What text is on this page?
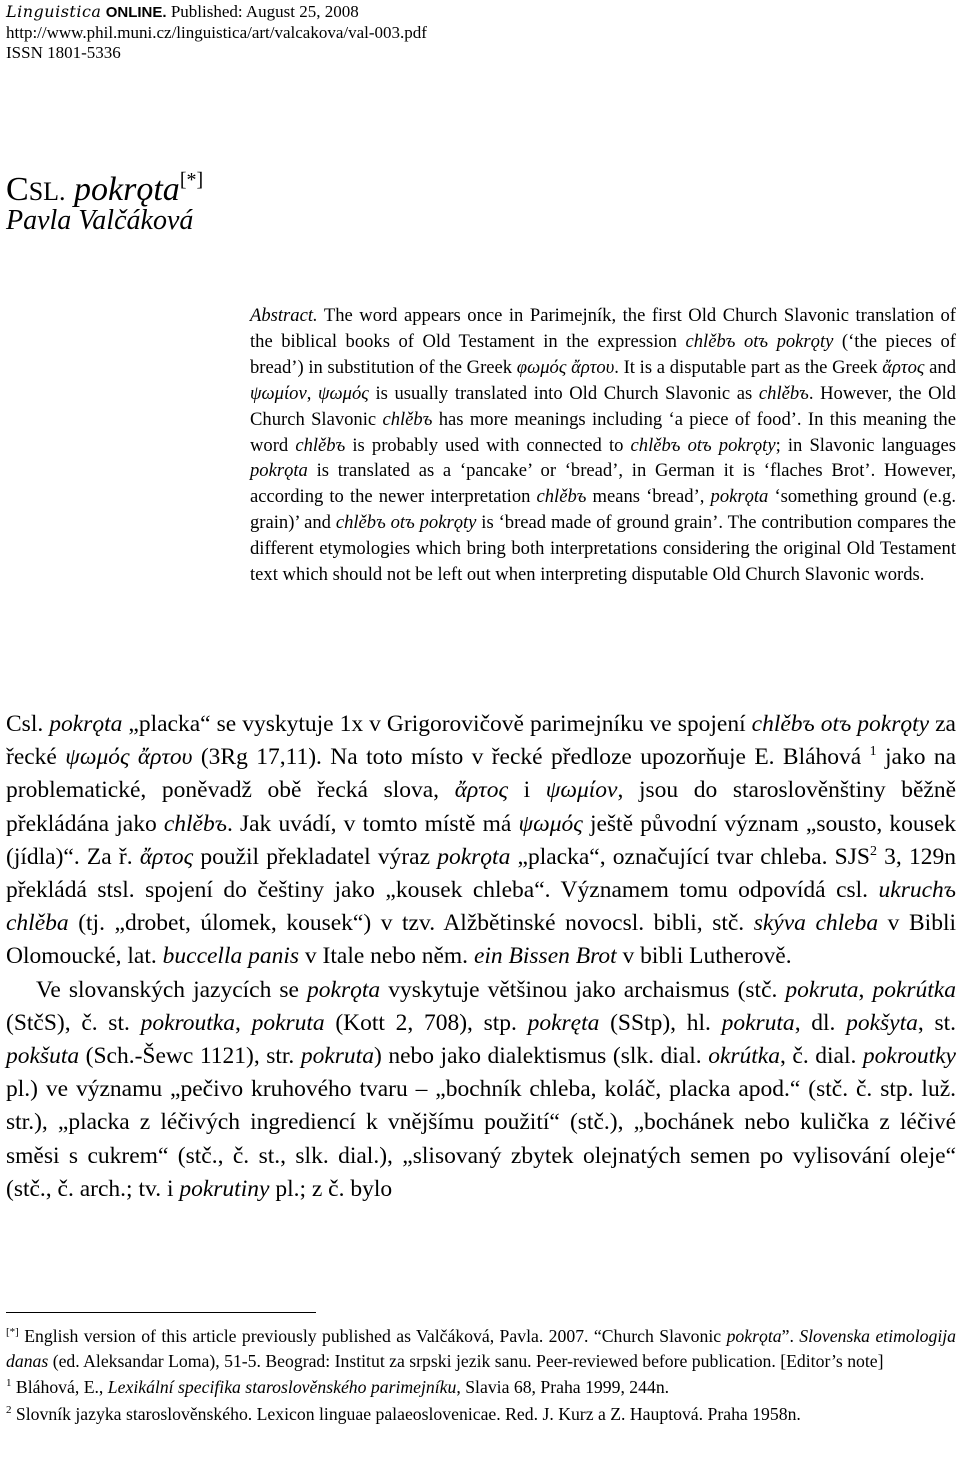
Linguistica ONLINE. Published: August 25, 2008
http://www.phil.muni.cz/linguistica/art/valcakova/val-003.pdf
ISSN 1801-5336
CSL. pokrǫta[*]
Pavla Valčáková
Abstract. The word appears once in Parimejník, the first Old Church Slavonic translation of the biblical books of Old Testament in the expression chlěbъ otъ pokrǫty (‘the pieces of bread’) in substitution of the Greek φωμός ἄρτου. It is a disputable part as the Greek ἄρτος and ψωμίον, ψωμός is usually translated into Old Church Slavonic as chlěbъ. However, the Old Church Slavonic chlěbъ has more meanings including ‘a piece of food’. In this meaning the word chlěbъ is probably used with connected to chlěbъ otъ pokrǫty; in Slavonic languages pokrǫta is translated as a ‘pancake’ or ‘bread’, in German it is ‘flaches Brot’. However, according to the newer interpretation chlěbъ means ‘bread’, pokrǫta ‘something ground (e.g. grain)’ and chlěbъ otъ pokrǫty is ‘bread made of ground grain’. The contribution compares the different etymologies which bring both interpretations considering the original Old Testament text which should not be left out when interpreting disputable Old Church Slavonic words.

Csl. pokrǫta „placka“ se vyskytuje 1x v Grigorovičově parimejníku ve spojení chlěbъ otъ pokrǫty za řecké ψωμός ἄρτου (3Rg 17,11). Na toto místo v řecké předloze upozorňuje E. Bláhová $^1$ jako na problematické, poněvadž obě řecká slova, ἄρτος i ψωμίον, jsou do staroslověnštiny běžně překládána jako chlěbъ. Jak uvádí, v tomto místě má ψωμός ještě původní význam „sousto, kousek (jídla)“. Za ř. ἄρτος použil překladatel výraz pokrǫta „placka“, označující tvar chleba. SJS$^2$ 3, 129n překládá stsl. spojení do češtiny jako „kousek chleba“. Významem tomu odpovídá csl. ukruchъ chlěba (tj. „drobet, úlomek, kousek“) v tzv. Alžbětinské novocsl. bibli, stč. skýva chleba v Bibli Olomoucké, lat. buccella panis v Itale nebo něm. ein Bissen Brot v bibli Lutherově.

Ve slovanských jazycích se pokrǫta vyskytuje většinou jako archaismus (stč. pokruta, pokrútka (StčS), č. st. pokroutka, pokruta (Kott 2, 708), stp. pokręta (SStp), hl. pokruta, dl. pokšyta, st. pokšuta (Sch.-Šewc 1121), str. pokruta) nebo jako dialektismus (slk. dial. okrútka, č. dial. pokroutky pl.) ve významu „pečivo kruhového tvaru – „bochník chleba, koláč, placka apod.“ (stč. č. stp. luž. str.), „placka z léčivých ingrediencí k vnějšímu použití“ (stč.), „bochánek nebo kulička z léčivé směsi s cukrem“ (stč., č. st., slk. dial.), „slisovaný zbytek olejnatých semen po vylisování oleje“ (stč., č. arch.; tv. i pokrutiny pl.; z č. bylo

[*] English version of this article previously published as Valčáková, Pavla. 2007. “Church Slavonic pokrǫta”. Slovenska etimologija danas (ed. Aleksandar Loma), 51-5. Beograd: Institut za srpski jezik sanu. Peer-reviewed before publication. [Editor’s note]

$^1$ Bláhová, E., Lexikální specifika staroslověnského parimejníku, Slavia 68, Praha 1999, 244n.

$^2$ Slovník jazyka staroslověnského. Lexicon linguae palaeoslovenicae. Red. J. Kurz a Z. Hauptová. Praha 1958n.
